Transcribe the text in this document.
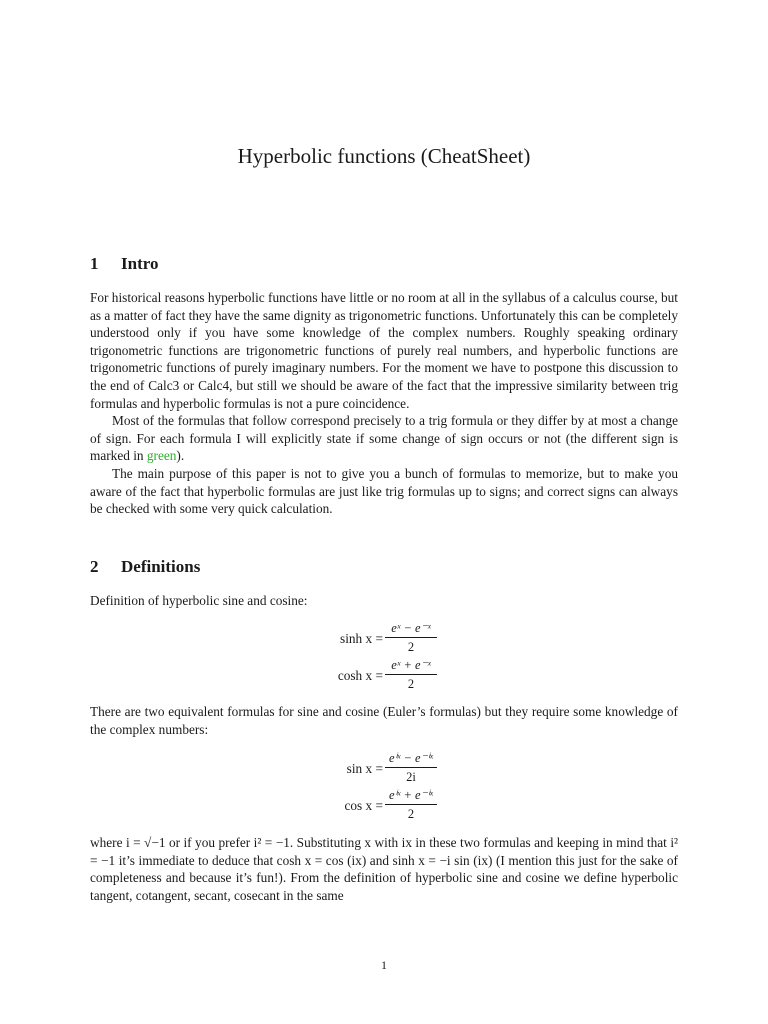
Hyperbolic functions (CheatSheet)
1 Intro

For historical reasons hyperbolic functions have little or no room at all in the syllabus of a calculus course, but as a matter of fact they have the same dignity as trigonometric functions. Unfortunately this can be completely understood only if you have some knowledge of the complex numbers. Roughly speaking ordinary trigonometric functions are trigonometric functions of purely real numbers, and hyperbolic functions are trigonometric functions of purely imaginary numbers. For the moment we have to postpone this discussion to the end of Calc3 or Calc4, but still we should be aware of the fact that the impressive similarity between trig formulas and hyperbolic formulas is not a pure coincidence.

Most of the formulas that follow correspond precisely to a trig formula or they differ by at most a change of sign. For each formula I will explicitly state if some change of sign occurs or not (the different sign is marked in green).

The main purpose of this paper is not to give you a bunch of formulas to memorize, but to make you aware of the fact that hyperbolic formulas are just like trig formulas up to signs; and correct signs can always be checked with some very quick calculation.

2 Definitions

Definition of hyperbolic sine and cosine:

sinh x =
eˣ − e⁻ˣ
2
cosh x =
eˣ + e⁻ˣ
2

There are two equivalent formulas for sine and cosine (Euler’s formulas) but they require some knowledge of the complex numbers:

sin x =
eⁱˣ − e⁻ⁱˣ
2i
cos x =
eⁱˣ + e⁻ⁱˣ
2

where i = √−1 or if you prefer i² = −1. Substituting x with ix in these two formulas and keeping in mind that i² = −1 it’s immediate to deduce that cosh x = cos (ix) and sinh x = −i sin (ix) (I mention this just for the sake of completeness and because it’s fun!). From the definition of hyperbolic sine and cosine we define hyperbolic tangent, cotangent, secant, cosecant in the same

1
